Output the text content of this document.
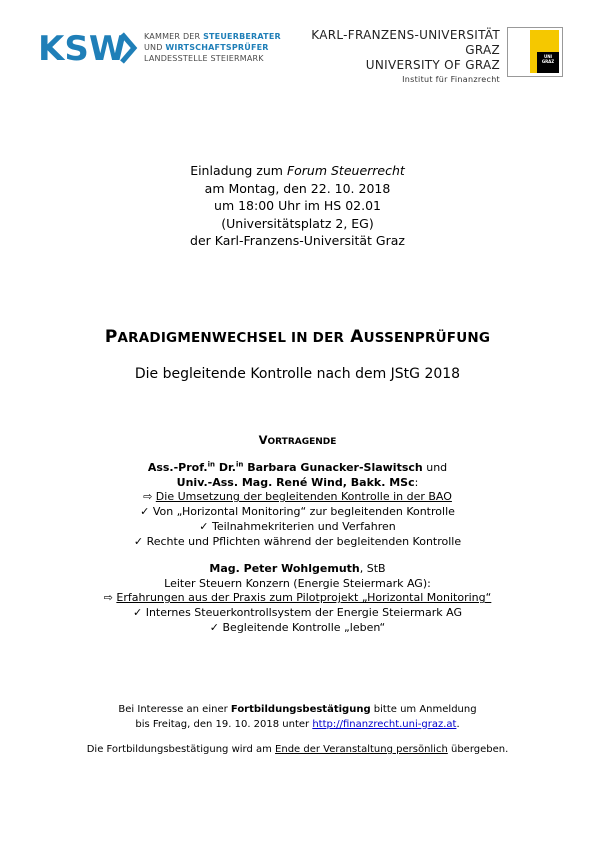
KSW KAMMER DER STEUERBERATER
UND WIRTSCHAFTSPRÜFER
LANDESSTELLE STEIERMARK
KARL-FRANZENS-UNIVERSITÄT GRAZ
UNIVERSITY OF GRAZ
Institut für Finanzrecht
UNI
GRAZ
Einladung zum Forum Steuerrecht
am Montag, den 22. 10. 2018
um 18:00 Uhr im HS 02.01
(Universitätsplatz 2, EG)
der Karl-Franzens-Universität Graz
PARADIGMENWECHSEL IN DER AUSSENPRÜFUNG
Die begleitende Kontrolle nach dem JStG 2018
VORTRAGENDE
Ass.-Prof.$^{in}$ Dr.$^{in}$ Barbara Gunacker-Slawitsch und
Univ.-Ass. Mag. René Wind, Bakk. MSc:
⇨ Die Umsetzung der begleitenden Kontrolle in der BAO
✓ Von „Horizontal Monitoring“ zur begleitenden Kontrolle
✓ Teilnahmekriterien und Verfahren
✓ Rechte und Pflichten während der begleitenden Kontrolle
Mag. Peter Wohlgemuth, StB
Leiter Steuern Konzern (Energie Steiermark AG):
⇨ Erfahrungen aus der Praxis zum Pilotprojekt „Horizontal Monitoring“
✓ Internes Steuerkontrollsystem der Energie Steiermark AG
✓ Begleitende Kontrolle „leben“
Bei Interesse an einer Fortbildungsbestätigung bitte um Anmeldung
bis Freitag, den 19. 10. 2018 unter http://finanzrecht.uni-graz.at.
Die Fortbildungsbestätigung wird am Ende der Veranstaltung persönlich übergeben.
